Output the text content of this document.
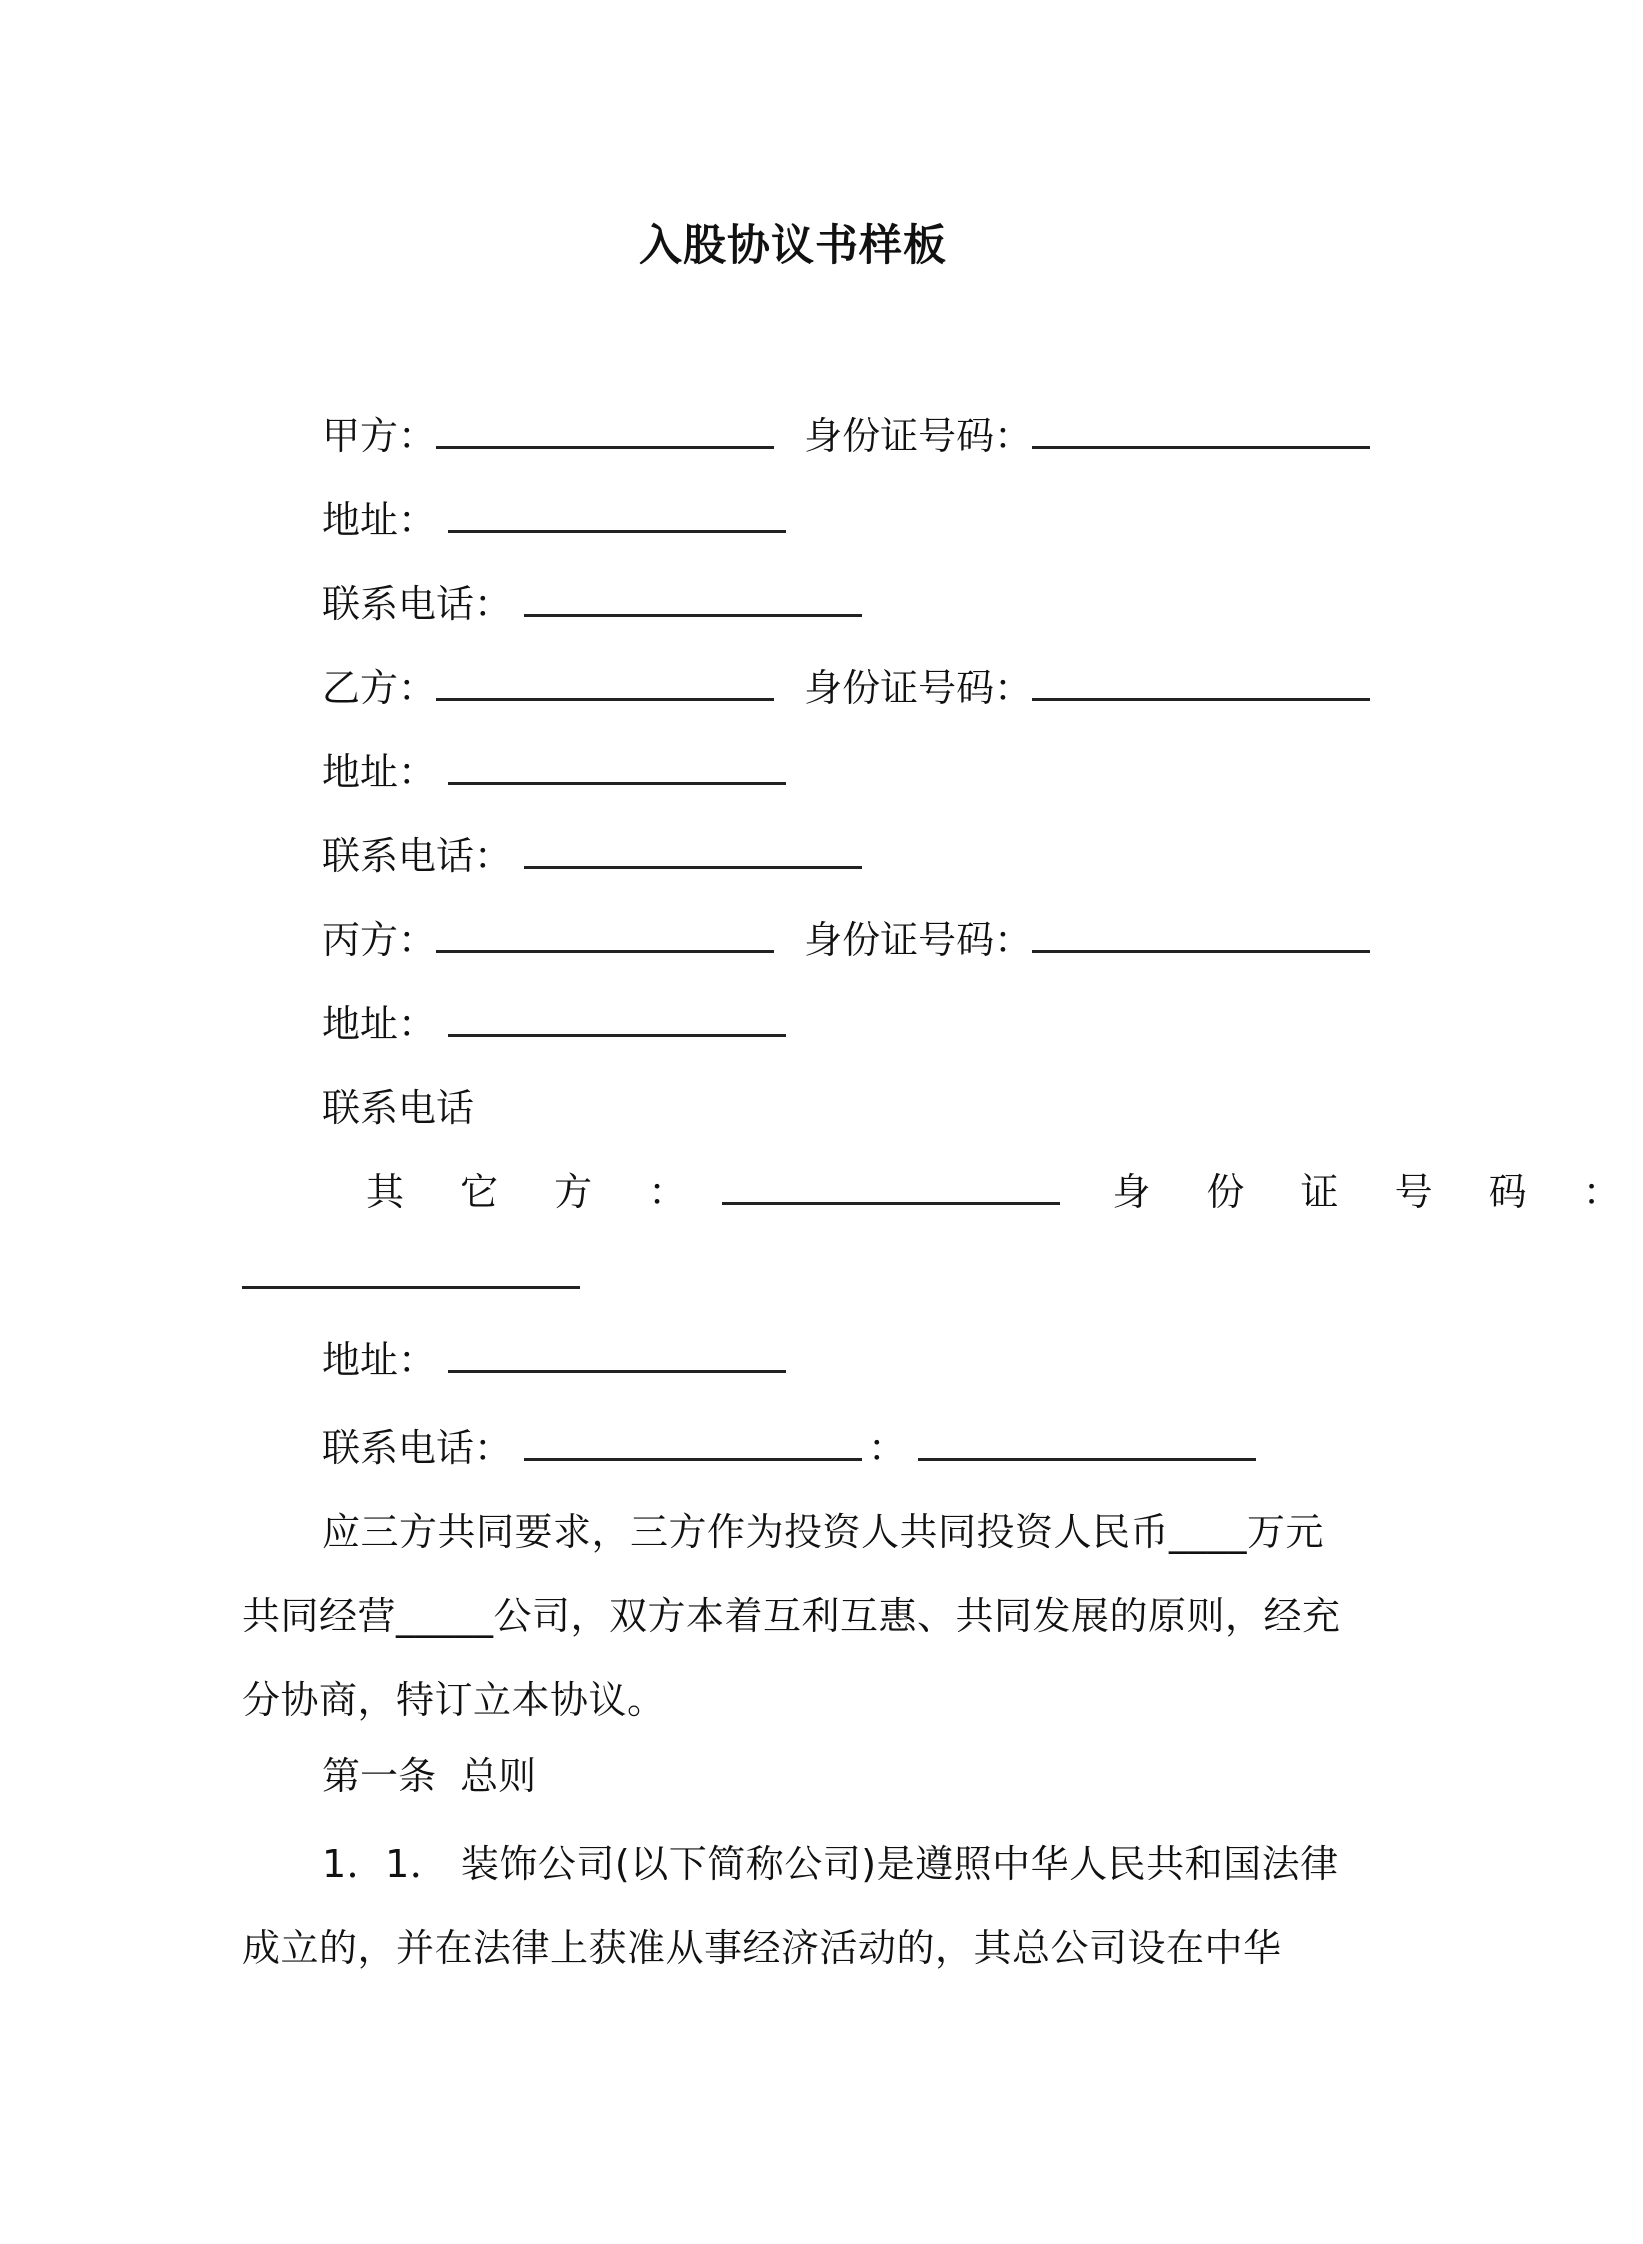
入股协议书样板
甲方：	身份证号码：
地址：
联系电话：
乙方：	身份证号码：
地址：
联系电话：
丙方：	身份证号码：
地址：
联系电话
其 它 方 ：	身 份 证 号 码 ：
地址：
联系电话：	：

应三方共同要求，三方作为投资人共同投资人民币____万元共同经营_____公司，双方本着互利互惠、共同发展的原则，经充分协商，特订立本协议。

第一条  总则

1．1． 装饰公司(以下简称公司)是遵照中华人民共和国法律成立的，并在法律上获准从事经济活动的，其总公司设在中华
